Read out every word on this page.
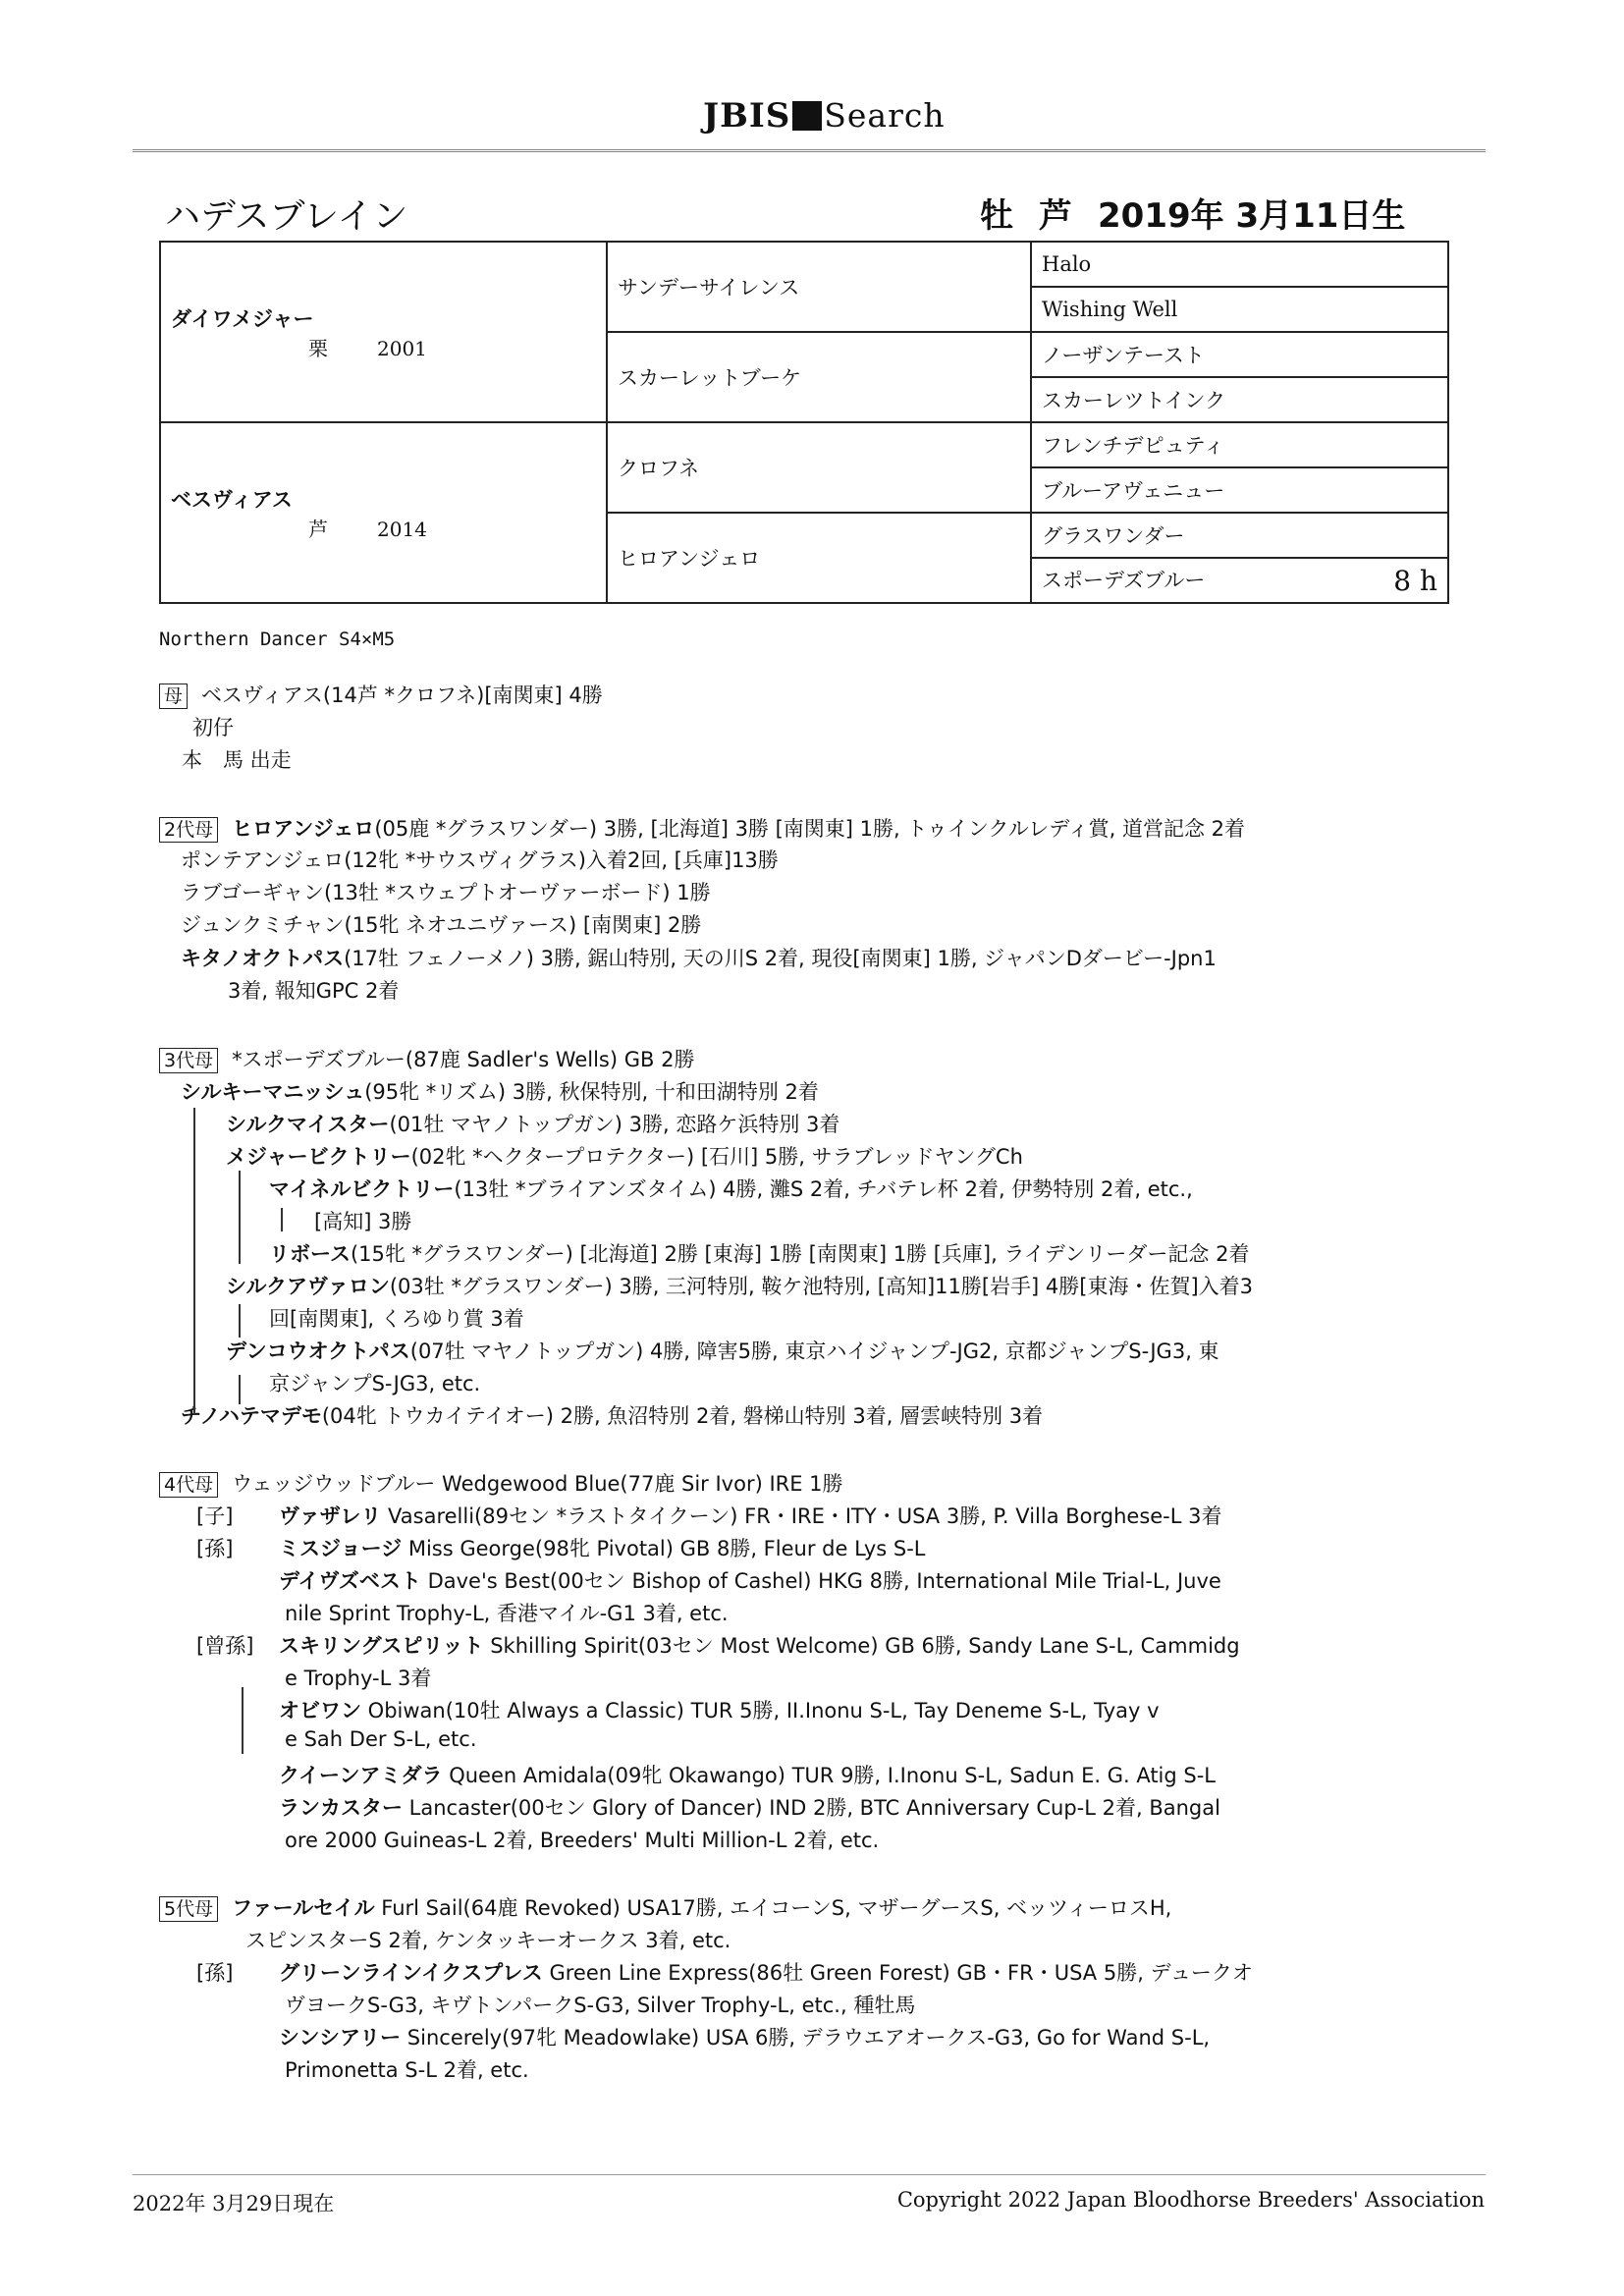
JBIS Search
ハデスブレイン	牡 芦 2019年 3月11日生
ダイワメジャー
栗 2001	サンデーサイレンス	Halo
		Wishing Well
	スカーレットブーケ	ノーザンテースト
		スカーレツトインク

ベスヴィアス
芦 2014	クロフネ	フレンチデピュティ
		ブルーアヴェニュー
	ヒロアンジェロ	グラスワンダー
		スポーデズブルー 8 h
Northern Dancer S4×M5
母 ベスヴィアス(14芦 *クロフネ)[南関東] 4勝
初仔
本　馬 出走
2代母 ヒロアンジェロ(05鹿 *グラスワンダー) 3勝, [北海道] 3勝 [南関東] 1勝, トゥインクルレディ賞, 道営記念 2着
ポンテアンジェロ(12牝 *サウスヴィグラス)入着2回, [兵庫]13勝
ラブゴーギャン(13牡 *スウェプトオーヴァーボード) 1勝
ジュンクミチャン(15牝 ネオユニヴァース) [南関東] 2勝
キタノオクトパス(17牡 フェノーメノ) 3勝, 鋸山特別, 天の川S 2着, 現役[南関東] 1勝, ジャパンDダービー-Jpn1
3着, 報知GPC 2着
3代母 *スポーデズブルー(87鹿 Sadler's Wells) GB 2勝
シルキーマニッシュ(95牝 *リズム) 3勝, 秋保特別, 十和田湖特別 2着
シルクマイスター(01牡 マヤノトップガン) 3勝, 恋路ケ浜特別 3着
メジャービクトリー(02牝 *ヘクタープロテクター) [石川] 5勝, サラブレッドヤングCh
マイネルビクトリー(13牡 *ブライアンズタイム) 4勝, 灘S 2着, チバテレ杯 2着, 伊勢特別 2着, etc.,
[高知] 3勝
リボース(15牝 *グラスワンダー) [北海道] 2勝 [東海] 1勝 [南関東] 1勝 [兵庫], ライデンリーダー記念 2着
シルクアヴァロン(03牡 *グラスワンダー) 3勝, 三河特別, 鞍ケ池特別, [高知]11勝[岩手] 4勝[東海・佐賀]入着3
回[南関東], くろゆり賞 3着
デンコウオクトパス(07牡 マヤノトップガン) 4勝, 障害5勝, 東京ハイジャンプ-JG2, 京都ジャンプS-JG3, 東
京ジャンプS-JG3, etc.
チノハテマデモ(04牝 トウカイテイオー) 2勝, 魚沼特別 2着, 磐梯山特別 3着, 層雲峡特別 3着
4代母 ウェッジウッドブルー Wedgewood Blue(77鹿 Sir Ivor) IRE 1勝
[子] ヴァザレリ Vasarelli(89セン *ラストタイクーン) FR・IRE・ITY・USA 3勝, P. Villa Borghese-L 3着
[孫] ミスジョージ Miss George(98牝 Pivotal) GB 8勝, Fleur de Lys S-L
デイヴズベスト Dave's Best(00セン Bishop of Cashel) HKG 8勝, International Mile Trial-L, Juve
nile Sprint Trophy-L, 香港マイル-G1 3着, etc.
[曾孫] スキリングスピリット Skhilling Spirit(03セン Most Welcome) GB 6勝, Sandy Lane S-L, Cammidg
e Trophy-L 3着
オビワン Obiwan(10牡 Always a Classic) TUR 5勝, II.Inonu S-L, Tay Deneme S-L, Tyay v
e Sah Der S-L, etc.
クイーンアミダラ Queen Amidala(09牝 Okawango) TUR 9勝, I.Inonu S-L, Sadun E. G. Atig S-L
ランカスター Lancaster(00セン Glory of Dancer) IND 2勝, BTC Anniversary Cup-L 2着, Bangal
ore 2000 Guineas-L 2着, Breeders' Multi Million-L 2着, etc.
5代母 ファールセイル Furl Sail(64鹿 Revoked) USA17勝, エイコーンS, マザーグースS, ベッツィーロスH,
スピンスターS 2着, ケンタッキーオークス 3着, etc.
[孫] グリーンラインイクスプレス Green Line Express(86牡 Green Forest) GB・FR・USA 5勝, デュークオ
ヴヨークS-G3, キヴトンパークS-G3, Silver Trophy-L, etc., 種牡馬
シンシアリー Sincerely(97牝 Meadowlake) USA 6勝, デラウエアオークス-G3, Go for Wand S-L,
Primonetta S-L 2着, etc.
2022年 3月29日現在	Copyright 2022 Japan Bloodhorse Breeders' Association
